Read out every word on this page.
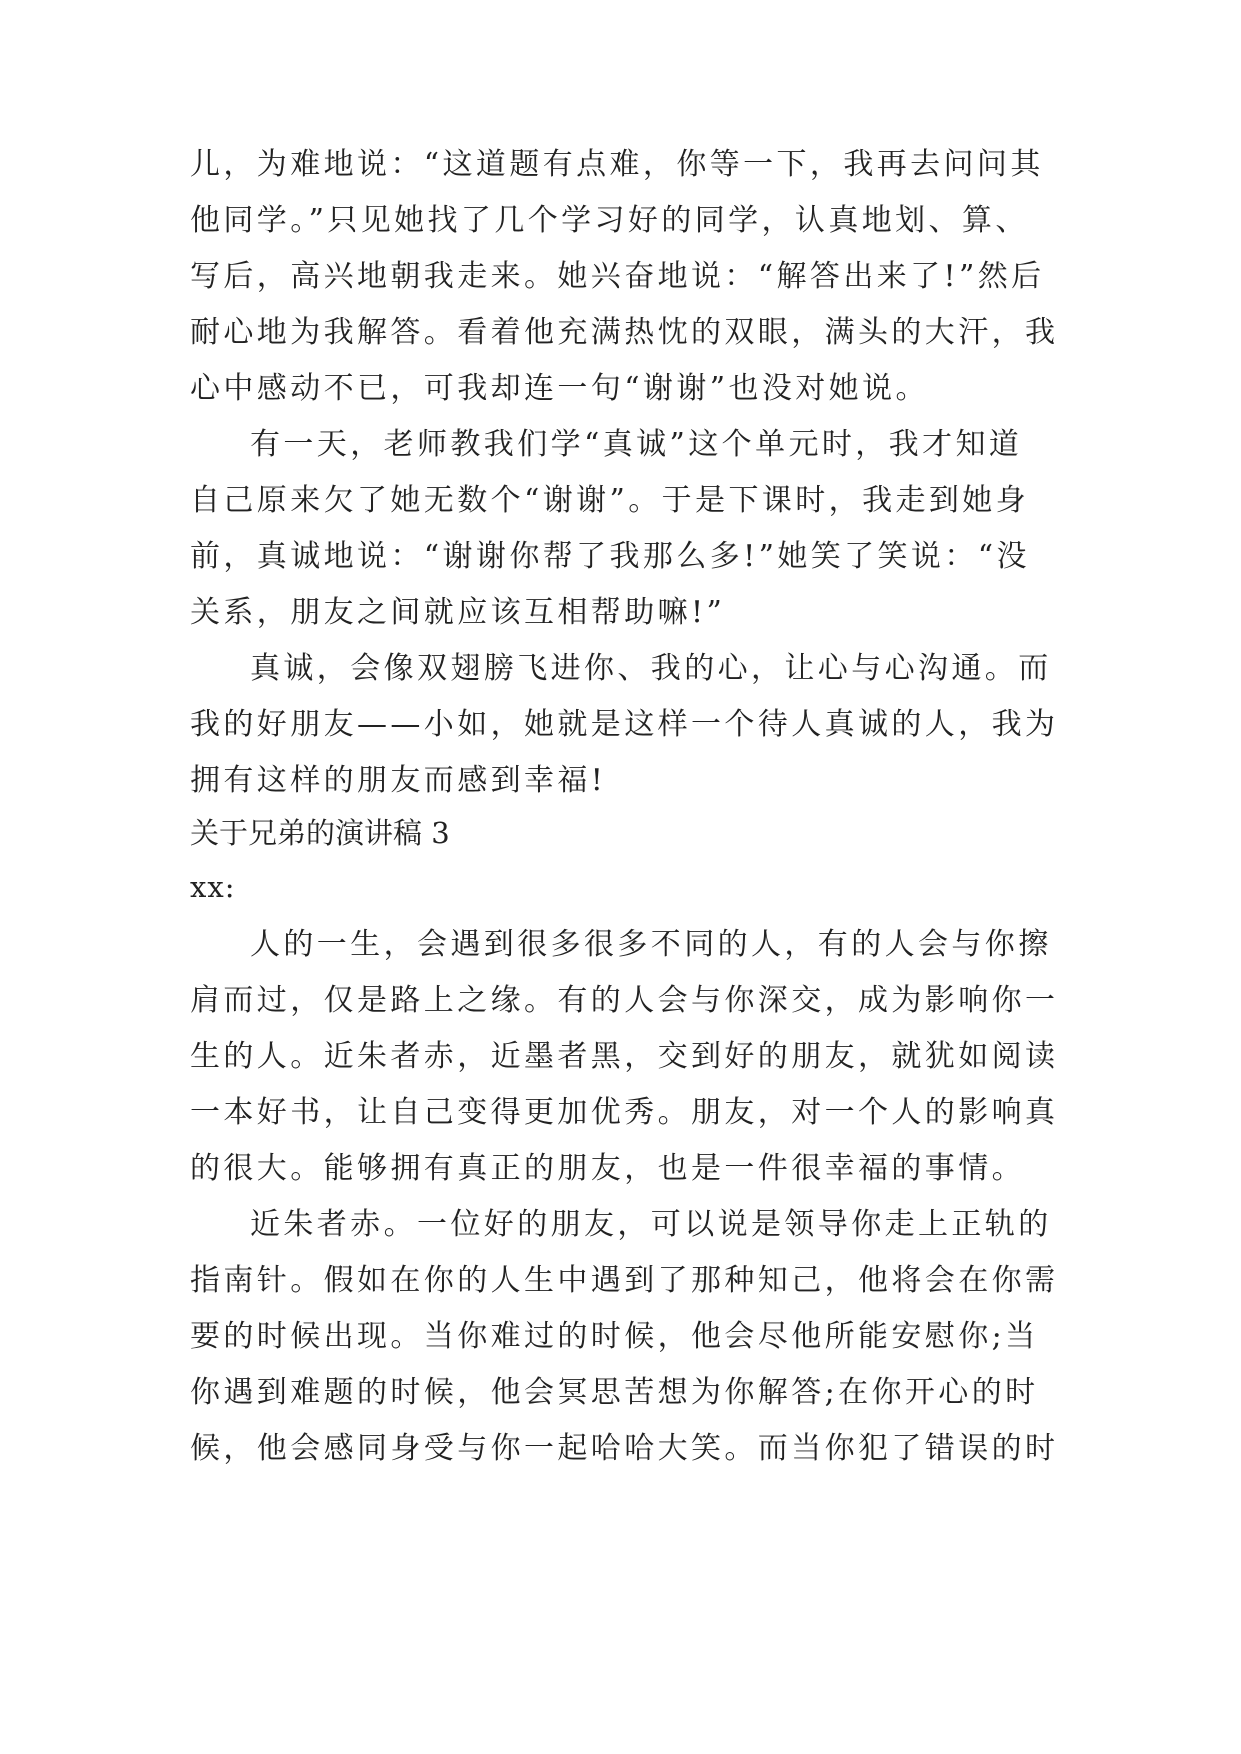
儿，为难地说：“这道题有点难，你等一下，我再去问问其
他同学。”只见她找了几个学习好的同学，认真地划、算、
写后，高兴地朝我走来。她兴奋地说：“解答出来了!”然后
耐心地为我解答。看着他充满热忱的双眼，满头的大汗，我
心中感动不已，可我却连一句“谢谢”也没对她说。
有一天，老师教我们学“真诚”这个单元时，我才知道
自己原来欠了她无数个“谢谢”。于是下课时，我走到她身
前，真诚地说：“谢谢你帮了我那么多!”她笑了笑说：“没
关系，朋友之间就应该互相帮助嘛!”
真诚，会像双翅膀飞进你、我的心，让心与心沟通。而
我的好朋友——小如，她就是这样一个待人真诚的人，我为
拥有这样的朋友而感到幸福!
关于兄弟的演讲稿 3
xx:
人的一生，会遇到很多很多不同的人，有的人会与你擦
肩而过，仅是路上之缘。有的人会与你深交，成为影响你一
生的人。近朱者赤，近墨者黑，交到好的朋友，就犹如阅读
一本好书，让自己变得更加优秀。朋友，对一个人的影响真
的很大。能够拥有真正的朋友，也是一件很幸福的事情。
近朱者赤。一位好的朋友，可以说是领导你走上正轨的
指南针。假如在你的人生中遇到了那种知己，他将会在你需
要的时候出现。当你难过的时候，他会尽他所能安慰你;当
你遇到难题的时候，他会冥思苦想为你解答;在你开心的时
候，他会感同身受与你一起哈哈大笑。而当你犯了错误的时
